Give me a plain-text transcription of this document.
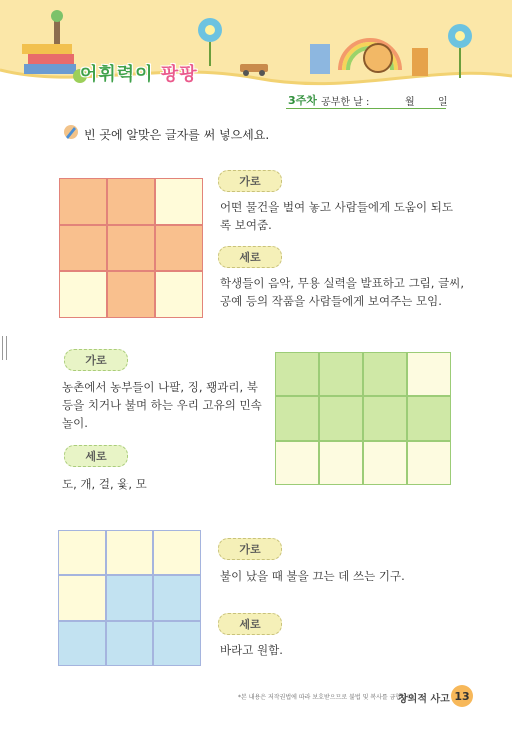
어휘력이 팡팡
3주차 공부한 날 :	월 일
빈 곳에 알맞은 글자를 써 넣으세요.
가로
어떤 물건을 벌여 놓고 사람들에게 도움이 되도록 보여줌.
세로
학생들이 음악, 무용 실력을 발표하고 그림, 글씨, 공예 등의 작품을 사람들에게 보여주는 모임.
가로
농촌에서 농부들이 나팔, 징, 꽹과리, 북 등을 치거나 불며 하는 우리 고유의 민속놀이.
세로
도, 개, 걸, 윷, 모
가로
불이 났을 때 불을 끄는 데 쓰는 기구.
세로
바라고 원함.
*본 내용은 저작권법에 따라 보호받으므로 불법 및 복사를 금합니다.
창의적 사고 13
